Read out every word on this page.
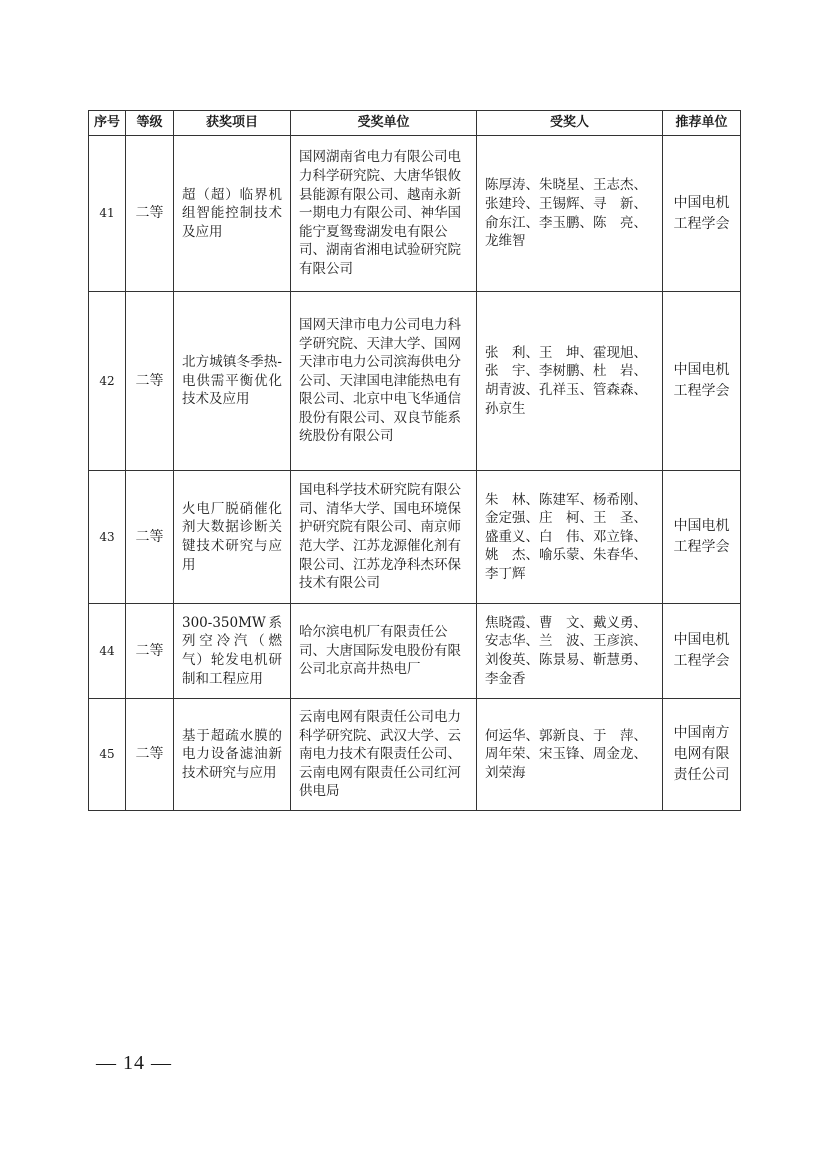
序号	等级	获奖项目	受奖单位	受奖人	推荐单位
41	二等	超（超）临界机组智能控制技术及应用	国网湖南省电力有限公司电力科学研究院、大唐华银攸县能源有限公司、越南永新一期电力有限公司、神华国能宁夏鸳鸯湖发电有限公司、湖南省湘电试验研究院有限公司	陈厚涛、朱晓星、王志杰、张建玲、王锡辉、寻　新、俞东江、李玉鹏、陈　亮、龙维智	中国电机工程学会
42	二等	北方城镇冬季热-电供需平衡优化技术及应用	国网天津市电力公司电力科学研究院、天津大学、国网天津市电力公司滨海供电分公司、天津国电津能热电有限公司、北京中电飞华通信股份有限公司、双良节能系统股份有限公司	张　利、王　坤、霍现旭、张　宇、李树鹏、杜　岩、胡青波、孔祥玉、管森森、孙京生	中国电机工程学会
43	二等	火电厂脱硝催化剂大数据诊断关键技术研究与应用	国电科学技术研究院有限公司、清华大学、国电环境保护研究院有限公司、南京师范大学、江苏龙源催化剂有限公司、江苏龙净科杰环保技术有限公司	朱　林、陈建军、杨希刚、金定强、庄　柯、王　圣、盛重义、白　伟、邓立锋、姚　杰、喻乐蒙、朱春华、李丁辉	中国电机工程学会
44	二等	300-350MW系列空冷汽（燃气）轮发电机研制和工程应用	哈尔滨电机厂有限责任公司、大唐国际发电股份有限公司北京高井热电厂	焦晓霞、曹　文、戴义勇、安志华、兰　波、王彦滨、刘俊英、陈景易、靳慧勇、李金香	中国电机工程学会
45	二等	基于超疏水膜的电力设备滤油新技术研究与应用	云南电网有限责任公司电力科学研究院、武汉大学、云南电力技术有限责任公司、云南电网有限责任公司红河供电局	何运华、郭新良、于　萍、周年荣、宋玉锋、周金龙、刘荣海	中国南方电网有限责任公司
— 14 —
